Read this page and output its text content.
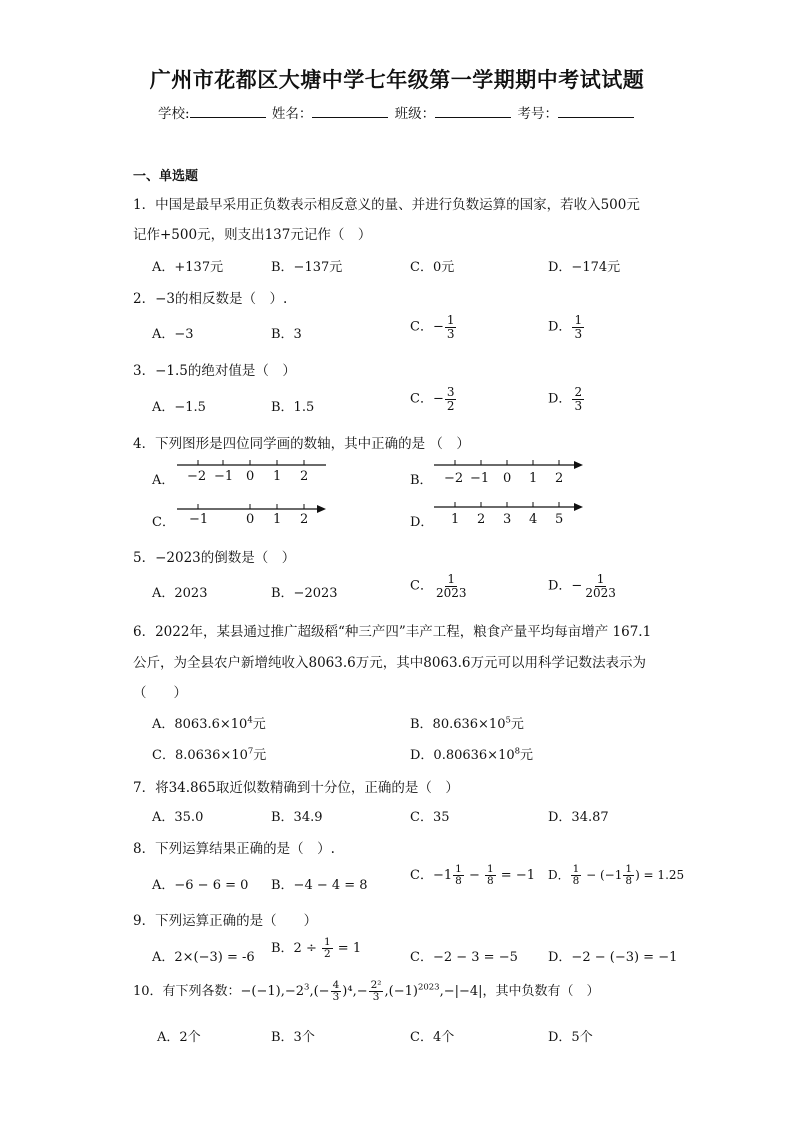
广州市花都区大塘中学七年级第一学期期中考试试题
学校:	姓名：	班级：	考号：
一、单选题
1．中国是最早采用正负数表示相反意义的量、并进行负数运算的国家，若收入500元
记作+500元，则支出137元记作（　）
A．+137元	B．−137元	C．0元	D．−174元
2．−3的相反数是（　）.
A．−3	B．3	C．− $\frac{1}{3}$	D． $\frac{1}{3}$
3．−1.5的绝对值是（　）
A．−1.5	B．1.5
C．− $\frac{3}{2}$	D． $\frac{2}{3}$
4．下列图形是四位同学画的数轴，其中正确的是 （　）
A． −2 −1 0 1 2	B． −2 −1 0 1 2
C． −1	0 1 2	D． 1 2 3 4 5
5．−2023的倒数是（　）
A．2023	B．−2023	C． $\frac{1}{2023}$	D．− $\frac{1}{2023}$
6．2022年，某县通过推广超级稻“种三产四”丰产工程，粮食产量平均每亩增产 167.1
公斤，为全县农户新增纯收入8063.6万元，其中8063.6万元可以用科学记数法表示为
（　　）
A．$8063.6\times 10^4$元	B．$80.636\times 10^5$元
C．$8.0636\times 10^7$元	D．$0.80636\times 10^8$元
7．将34.865取近似数精确到十分位，正确的是（　）
A．35.0	B．34.9	C．35	D．34.87
8．下列运算结果正确的是（　）.
A．−6 − 6 = 0 B．−4 − 4 = 8
C．$-1 \frac{1}{8} - \frac{1}{8} = -1$ D． $\frac{1}{8} - (-1 \frac{1}{8}$ ) = 1.25
9．下列运算正确的是（　　）
A．2×(−3) = -6
B．$2 \div \frac{1}{2} = 1$
C．−2 − 3 = −5 D．−2 − (−3) = −1
10．有下列各数：$-(-1),-2^3,(- \frac{4}{3} )^4,- \frac{\text{2²}}{3} ,(-1)^{2023},-|-4|$，其中负数有（　）
A．2个	B．3个	C．4个	D．5个
